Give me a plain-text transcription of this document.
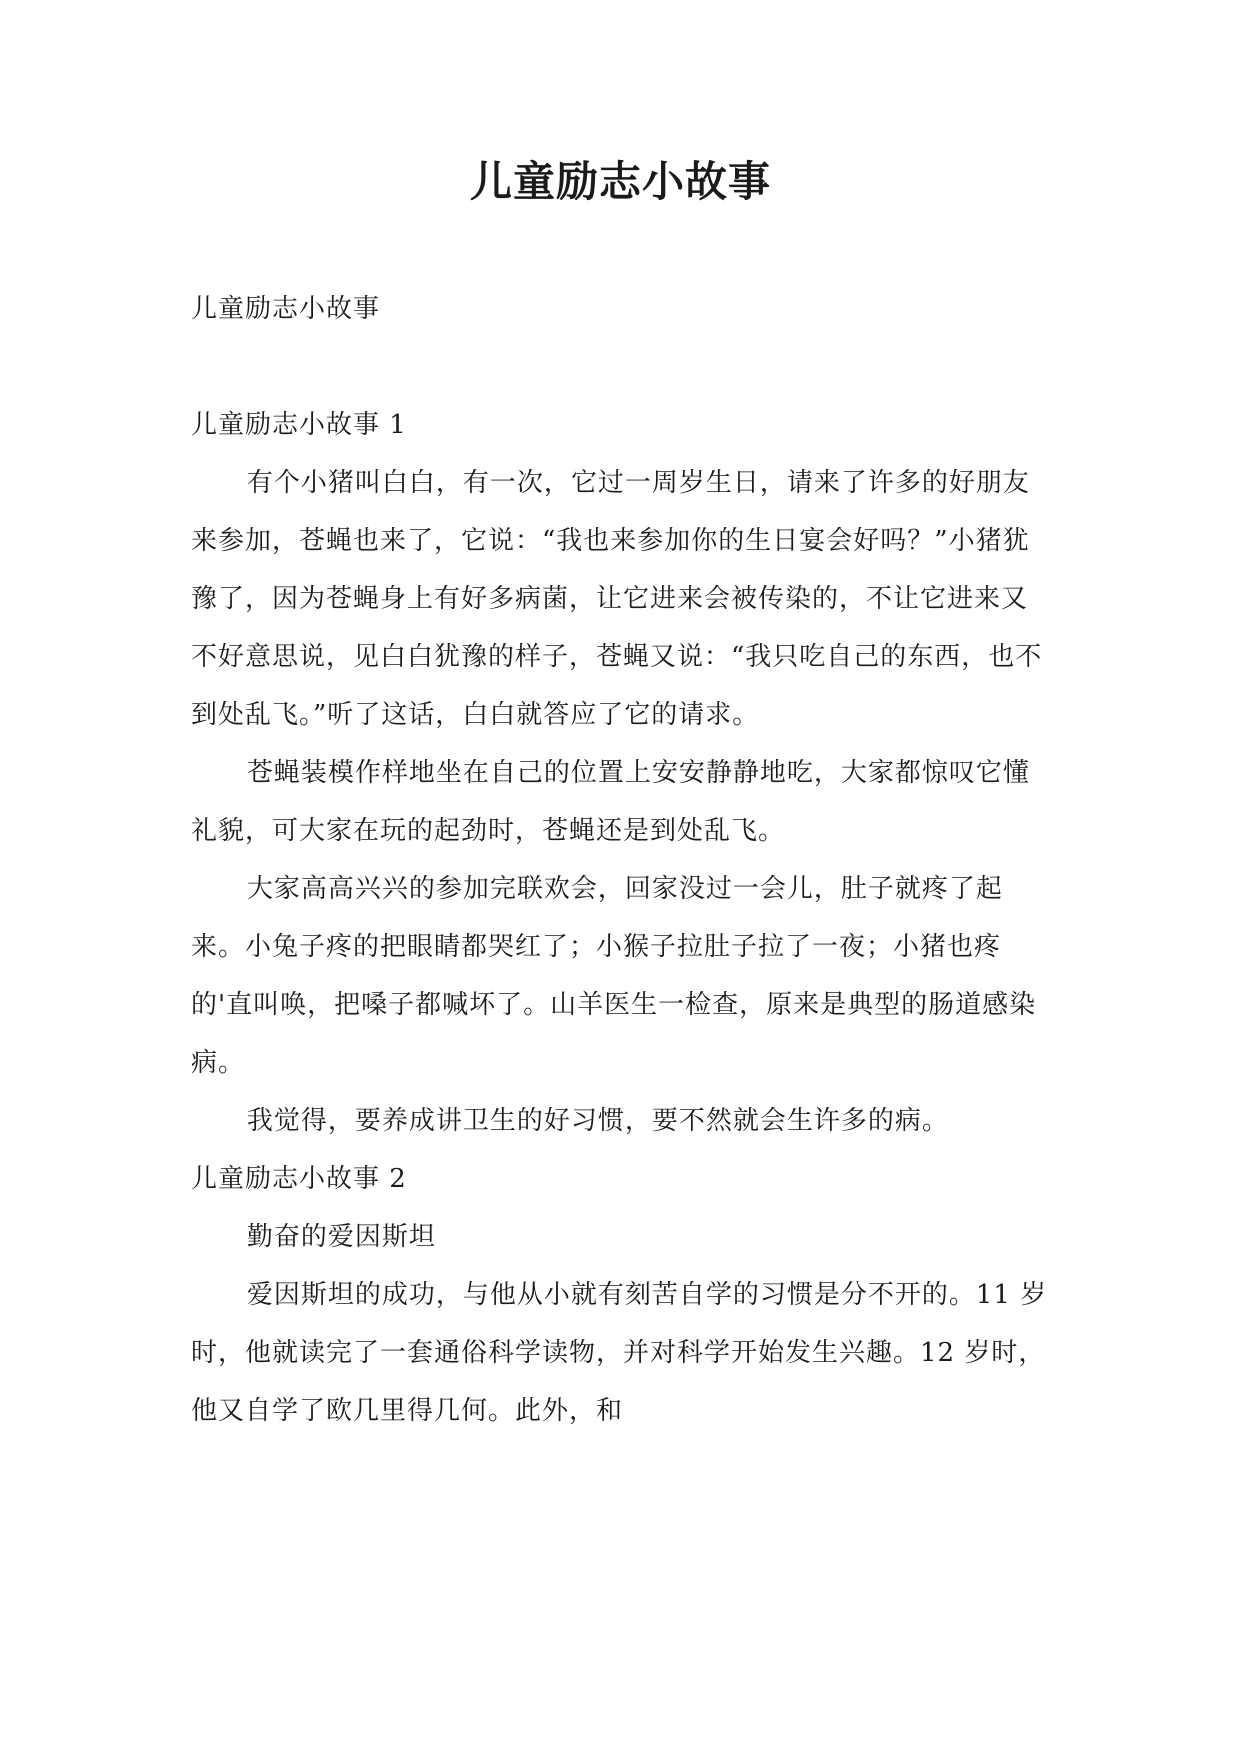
儿童励志小故事

儿童励志小故事

儿童励志小故事 1

有个小猪叫白白，有一次，它过一周岁生日，请来了许多的好朋友来参加，苍蝇也来了，它说：“我也来参加你的生日宴会好吗？”小猪犹豫了，因为苍蝇身上有好多病菌，让它进来会被传染的，不让它进来又不好意思说，见白白犹豫的样子，苍蝇又说：“我只吃自己的东西，也不到处乱飞。”听了这话，白白就答应了它的请求。

苍蝇装模作样地坐在自己的位置上安安静静地吃，大家都惊叹它懂礼貌，可大家在玩的起劲时，苍蝇还是到处乱飞。

大家高高兴兴的参加完联欢会，回家没过一会儿，肚子就疼了起来。小兔子疼的把眼睛都哭红了；小猴子拉肚子拉了一夜；小猪也疼的'直叫唤，把嗓子都喊坏了。山羊医生一检查，原来是典型的肠道感染病。

我觉得，要养成讲卫生的好习惯，要不然就会生许多的病。

儿童励志小故事 2

勤奋的爱因斯坦

爱因斯坦的成功，与他从小就有刻苦自学的习惯是分不开的。11 岁时，他就读完了一套通俗科学读物，并对科学开始发生兴趣。12 岁时，他又自学了欧几里得几何。此外，和
